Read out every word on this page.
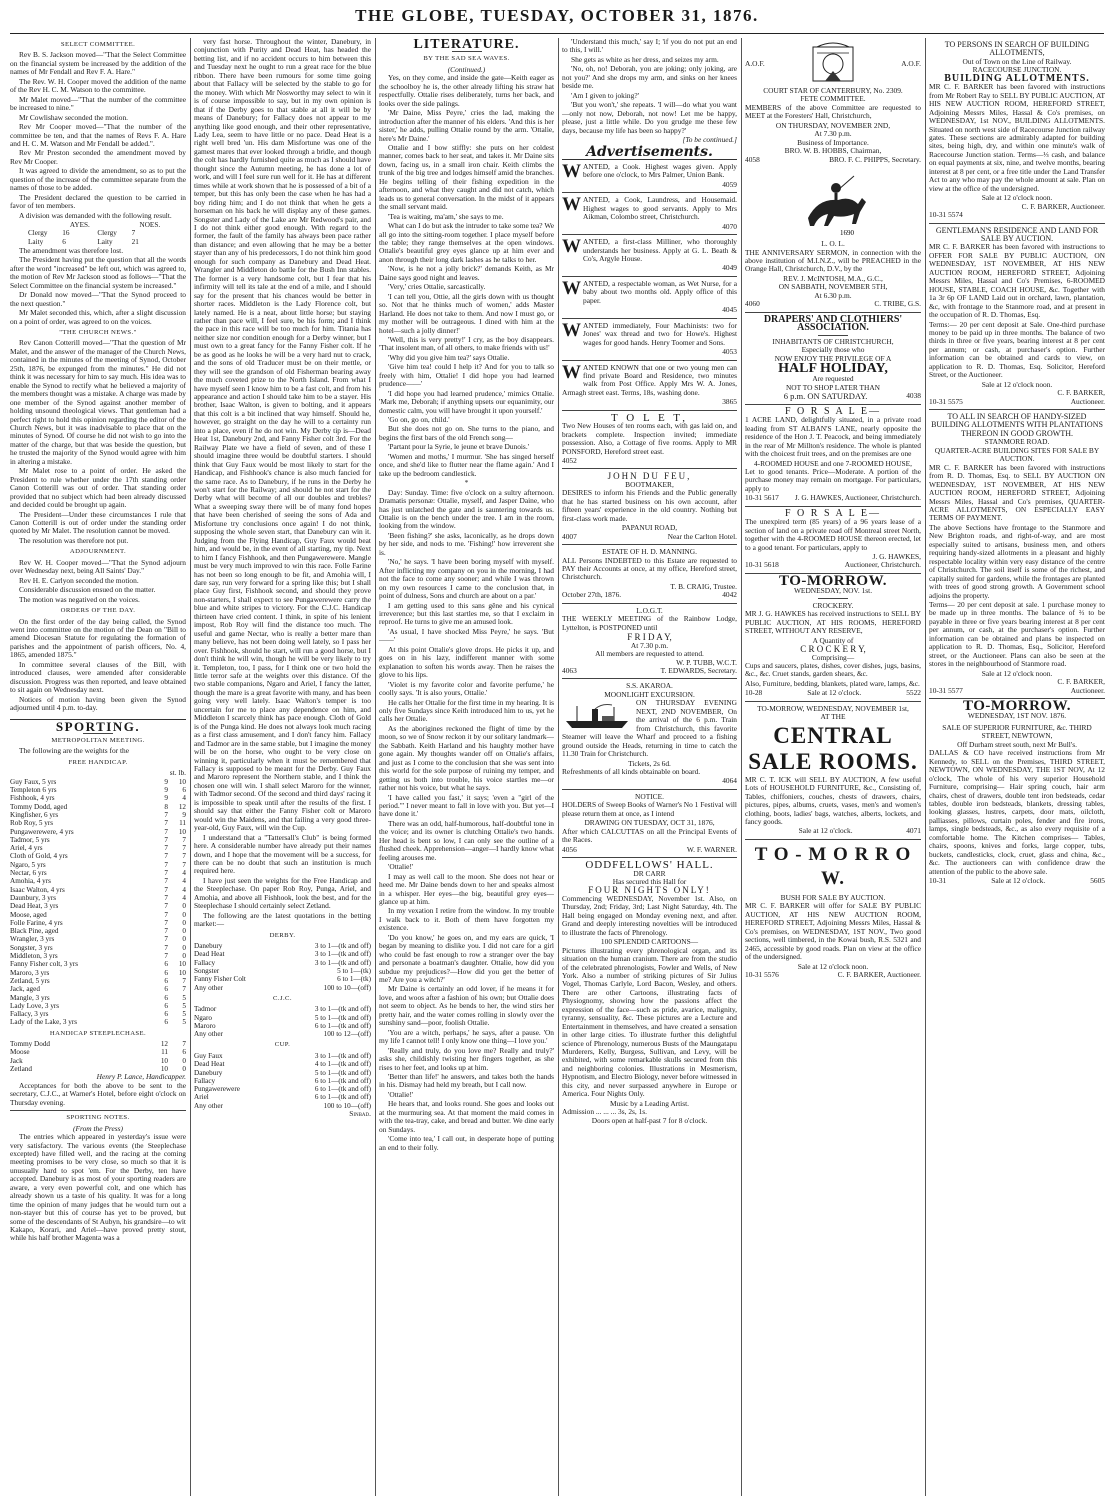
THE GLOBE, TUESDAY, OCTOBER 31, 1876.
SELECT COMMITTEE.

Rev B. S. Jackson moved—"That the Select Committee on the financial system be increased by the addition of the names of Mr Fendall and Rev F. A. Hare."

The Rev. W. H. Cooper moved the addition of the name of the Rev H. C. M. Watson to the committee.

Mr Malet moved—"That the number of the committee be increased to nine."

Mr Cowlishaw seconded the motion.

Rev Mr Cooper moved—"That the number of the committee be ten, and that the names of Revs F. A. Hare and H. C. M. Watson and Mr Fendall be added.".

Rev Mr Preston seconded the amendment moved by Rev Mr Cooper.

It was agreed to divide the amendment, so as to put the question of the increase of the committee separate from the names of those to be added.

The President declared the question to be carried in favor of ten members.

A division was demanded with the following result.

	AYES.		NOES.
Clergy	16	Clergy	7
Laity	6	Laity	21

The amendment was therefore lost.

The President having put the question that all the words after the word "increased" be left out, which was agreed to, the motion of Rev Mr Jackson stood as follows—"That the Select Committee on the financial system be increased."

Dr Donald now moved—"That the Synod proceed to the next question."

Mr Malet seconded this, which, after a slight discussion on a point of order, was agreed to on the voices.

"THE CHURCH NEWS."

Rev Canon Cotterill moved—"That the question of Mr Malet, and the answer of the manager of the Church News, contained in the minutes of the meeting of Synod, October 25th, 1876, be expunged from the minutes." He did not think it was necessary for him to say much. His idea was to enable the Synod to rectify what he believed a majority of the members thought was a mistake. A charge was made by one member of the Synod against another member of holding unsound theological views. That gentleman had a perfect right to hold this opinion regarding the editor of the Church News, but it was inadvisable to place that on the minutes of Synod. Of course he did not wish to go into the matter of the charge, but that was beside the question, but he trusted the majority of the Synod would agree with him in altering a mistake.

Mr Malet rose to a point of order. He asked the President to rule whether under the 17th standing order Canon Cotterill was out of order. That standing order provided that no subject which had been already discussed and decided could be brought up again.

The President—Under these circumstances I rule that Canon Cotterill is out of order under the standing order quoted by Mr Malet. The resolution cannot be moved.

The resolution was therefore not put.

ADJOURNMENT.

Rev W. H. Cooper moved—"That the Synod adjourn over Wednesday next, being All Saints' Day."

Rev H. E. Carlyon seconded the motion.

Considerable discussion ensued on the matter.

The motion was negatived on the voices.

ORDERS OF THE DAY.

On the first order of the day being called, the Synod went into committee on the motion of the Dean on "Bill to amend Diocesan Statute for regulating the formation of parishes and the appointment of parish officers, No. 4, 1865, amended 1875."

In committee several clauses of the Bill, with introduced clauses, were amended after considerable discussion. Progress was then reported, and leave obtained to sit again on Wednesday next.

Notices of motion having been given the Synod adjourned until 4 p.m. to-day.

SPORTING.
METROPOLITAN MEETING.

The following are the weights for the

FREE HANDICAP.
st. lb.
Guy Faux, 5 yrs	9	10
Templeton 6 yrs	9	6
Fishhook, 4 yrs	9	4
Tommy Dodd, aged	8	12
Kingfisher, 6 yrs	7	9
Rob Roy, 5 yrs	7	11
Pungawerewere, 4 yrs	7	10
Tadmor, 5 yrs	7	7
Ariel, 4 yrs	7	7
Cloth of Gold, 4 yrs	7	7
Ngaro, 5 yrs	7	7
Nectar, 6 yrs	7	4
Amohia, 4 yrs	7	4
Isaac Walton, 4 yrs	7	4
Daunbury, 3 yrs	7	4
Dead Heat, 3 yrs	7	0
Moose, aged	7	0
Folle Farine, 4 yrs	7	0
Black Pine, aged	7	0
Wrangler, 3 yrs	7	0
Songster, 3 yrs	7	0
Middleton, 3 yrs	7	0
Fanny Fisher colt, 3 yrs	6	10
Maroro, 3 yrs	6	10
Zetland, 5 yrs	6	7
Jack, aged	6	7
Mangle, 3 yrs	6	5
Lady Love, 3 yrs	6	5
Fallacy, 3 yrs	6	5
Lady of the Lake, 3 yrs	6	5
HANDICAP STEEPLECHASE.
Tommy Dodd	12	7
Moose	11	6
Jack	10	0
Zetland	10	0
Henry P. Lance, Handicapper.

Acceptances for both the above to be sent to the secretary, C.J.C., at Warner's Hotel, before eight o'clock on Thursday evening.

SPORTING NOTES.
(From the Press)

The entries which appeared in yesterday's issue were very satisfactory. The various events (the Steeplechase excepted) have filled well, and the racing at the coming meeting promises to be very close, so much so that it is unusually hard to spot 'em. For the Derby, ten have accepted. Danebury is as most of your sporting readers are aware, a very even powerful colt, and one which has already shown us a taste of his quality. It was for a long time the opinion of many judges that he would turn out a non-stayer but this of course has yet to be proved, but some of the descendants of St Aubyn, his grandsire—to wit Kakapo, Korari, and Ariel—have proved pretty stout, while his half brother Magenta was a

very fast horse. Throughout the winter, Danebury, in conjunction with Purity and Dead Heat, has headed the betting list, and if no accident occurs to him between this and Tuesday next he ought to run a great race for the blue ribbon. There have been rumours for some time going about that Fallacy will be selected by the stable to go for the money. With which Mr Nosworthy may select to win it is of course impossible to say, but in my own opinion is that if the Derby goes to that stable at all it will be by means of Danebury; for Fallacy does not appear to me anything like good enough, and their other representative, Lady Lea, seem to have little or no pace. Dead Heat is a right well bred 'un. His dam Misfortune was one of the gamest mares that ever looked through a bridle, and though the colt has hardly furnished quite as much as I should have thought since the Autumn meeting, he has done a lot of work, and will I feel sure run well for it. He has at different times while at work shown that he is possessed of a bit of a temper, but this has only been the case when he has had a boy riding him; and I do not think that when he gets a horseman on his back he will display any of these games. Songster and Lady of the Lake are Mr Redwood's pair, and I do not think either good enough. With regard to the former, the fault of the family has always been pace rather than distance; and even allowing that he may be a better stayer than any of his predecessors, I do not think him good enough for such company as Danebury and Dead Heat. Wrangler and Middleton do battle for the Bush Inn stables. The former is a very handsome colt, but I fear that his infirmity will tell its tale at the end of a mile, and I should say for the present that his chances would be better in shorter races. Middleton is the Lady Florence colt, but lately named. He is a neat, about little horse; but staying rather than pace will, I feel sure, be his form; and I think the pace in this race will be too much for him. Titania has neither size nor condition enough for a Derby winner, but I must own to a great fancy for the Fanny Fisher colt. If he be as good as he looks he will be a very hard nut to crack, and the sons of old Traducer must be on their mettle, or they will see the grandson of old Fisherman bearing away the much coveted prize to the North Island. From what I have myself seen I know him to be a fast colt, and from his appearance and action I should take him to be a stayer. His brother, Isaac Walton, is given to bolting, and it appears that this colt is a bit inclined that way himself. Should he, however, go straight on the day he will to a certainty run into a place, even if he do not win. My Derby tip is—Dead Heat 1st, Danebury 2nd, and Fanny Fisher colt 3rd. For the Railway Plate we have a field of seven, and of these I should imagine three would be doubtful starters. I should think that Guy Faux would be most likely to start for the Handicap, and Fishhook's chance is also much fancied for the same race. As to Danebury, if he runs in the Derby he won't start for the Railway; and should he not start for the Derby what will become of all our doubles and trebles? What a sweeping sway there will be of many fond hopes that have been cherished of seeing the sons of Ada and Misfortune try conclusions once again! I do not think, supposing the whole seven start, that Danebury can win it. Judging from the Flying Handicap, Guy Faux would beat him, and would be, in the event of all starting, my tip. Next to him I fancy Fishhook, and then Pungawerewere. Mangle must be very much improved to win this race. Folle Farine has not been so long enough to be fit, and Amohia will, I dare say, run very forward for a spring like this; but I shall place Guy first, Fishhook second, and should they prove non-starters, I shall expect to see Pungawerewere carry the blue and white stripes to victory. For the C.J.C. Handicap thirteen have cried content. I think, in spite of his lenient impost, Rob Roy will find the distance too much. The useful and game Nectar, who is really a better mare than many believe, has not been doing well lately, so I pass her over. Fishhook, should he start, will run a good horse, but I don't think he will win, though he will be very likely to try it. Templeton, too, I pass, for I think one or two hold the little terror safe at the weights over this distance. Of the two stable companions, Ngaro and Ariel, I fancy the latter, though the mare is a great favorite with many, and has been going very well lately. Isaac Walton's temper is too uncertain for me to place any dependence on him, and Middleton I scarcely think has pace enough. Cloth of Gold is of the Punga kind. He does not always look much racing as a first class amusement, and I don't fancy him. Fallacy and Tadmor are in the same stable, but I imagine the money will be on the horse, who ought to be very close on winning it, particularly when it must be remembered that Fallacy is supposed to be meant for the Derby. Guy Faux and Maroro represent the Northern stable, and I think the chosen one will win. I shall select Maroro for the winner, with Tadmor second. Of the second and third days' racing it is impossible to speak until after the results of the first. I should say that either the Fanny Fisher colt or Maroro would win the Maidens, and that failing a very good three-year-old, Guy Faux, will win the Cup.

I understand that a "Tattersall's Club" is being formed here. A considerable number have already put their names down, and I hope that the movement will be a success, for there can be no doubt that such an institution is much required here.

I have just seen the weights for the Free Handicap and the Steeplechase. On paper Rob Roy, Punga, Ariel, and Amohia, and above all Fishhook, look the best, and for the Steeplechase I should certainly select Zetland.

The following are the latest quotations in the betting market:—

DERBY.
Danebury	3 to 1—(tk and off)
Dead Heat	3 to 1—(tk and off)
Fallacy	3 to 1—(tk and off)
Songster	5 to 1—(tk)
Fanny Fisher Colt	6 to 1—(tk)
Any other	100 to 10—(off)
C.J.C.
Tadmor	3 to 1—(tk and off)
Ngaro	5 to 1—(tk and off)
Maroro	6 to 1—(tk and off)
Any other	100 to 12—(off)
CUP.
Guy Faux	3 to 1—(tk and off)
Dead Heat	4 to 1—(tk and off)
Danebury	5 to 1—(tk and off)
Fallacy	6 to 1—(tk and off)
Pungawerewere	6 to 1—(tk and off)
Ariel	6 to 1—(tk and off)
Any other	100 to 10—(off)
Sinbad.
LITERATURE.
BY THE SAD SEA WAVES.
(Continued.)

Yes, on they come, and inside the gate—Keith eager as the schoolboy he is, the other already lifting his straw hat respectfully. Ottalie rises deliberately, turns her back, and looks over the side palings.

'Mr Daine, Miss Peyre,' cries the lad, making the introduction after the manner of his elders. 'And this is her sister,' he adds, pulling Ottalie round by the arm. 'Ottalie, here's Mr Daine.'

Ottalie and I bow stiffly: she puts on her coldest manner, comes back to her seat, and takes it. Mr Daine sits down, facing us, in a small iron chair. Keith climbs the trunk of the big tree and lodges himself amid the branches. He begins telling of their fishing expedition in the afternoon, and what they caught and did not catch, which leads us to general conversation. In the midst of it appears the small servant maid.

'Tea is waiting, ma'am,' she says to me.

What can I do but ask the intruder to take some tea? We all go into the sitting-room together. I place myself before the table; they range themselves at the open windows. Ottalie's beautiful grey eyes glance up at him ever and anon through their long dark lashes as he talks to her.

'Now, is he not a jolly brick?' demands Keith, as Mr Daine says good night and leaves.

'Very,' cries Ottalie, sarcastically.

'I can tell you, Ottie, all the girls down with us thought so. Not that he thinks much of women,' adds Master Harland. He does not take to them. And now I must go, or my mother will be outrageous. I dined with him at the hotel—such a jolly dinner!'

'Well, this is very pretty!' I cry, as the boy disappears. 'That insolent man, of all others, to make friends with us!'

'Why did you give him tea?' says Ottalie.

'Give him tea! could I help it? And for you to talk so freely with him, Ottalie! I did hope you had learned prudence——'

'I did hope you had learned prudence,' mimics Ottalie. 'Mark me, Deborah; if anything upsets our equanimity, our domestic calm, you will have brought it upon yourself.'

'Go on, go on, child.'

But she does not go on. She turns to the piano, and begins the first bars of the old French song—

'Partant pour la Syrie, le jeune et brave Dunois.'

'Women and moths,' I murmur. 'She has singed herself once, and she'd like to flutter near the flame again.' And I take up the bedroom candlestick.

*

Day: Sunday. Time: five o'clock on a sultry afternoon. Dramatis personæ: Ottalie, myself, and Jasper Daine, who has just unlatched the gate and is sauntering towards us. Ottalie is on the bench under the tree. I am in the room, looking from the window.

'Been fishing?' she asks, laconically, as he drops down by her side, and nods to me. 'Fishing!' how irreverent she is.

'No,' he says. 'I have been boring myself with myself. After inflicting my company on you in the morning, I had not the face to come any sooner; and while I was thrown on my own resources I came to the conclusion that, in point of dulness, Sons and church are about on a par.'

I am getting used to this sans gêne and his cynical irreverence; but this last startles me, so that I exclaim in reproof. He turns to give me an amused look.

'As usual, I have shocked Miss Peyre,' he says. 'But——'

At this point Ottalie's glove drops. He picks it up, and goes on in his lazy, indifferent manner with some explanation to soften his words away. Then he raises the glove to his lips.

'Violet is my favorite color and favorite perfume,' he coolly says. 'It is also yours, Ottalie.'

He calls her Ottalie for the first time in my hearing. It is only five Sundays since Keith introduced him to us, yet he calls her Ottalie.

As the aborigines reckoned the flight of time by the moon, so we of Snow reckon it by our solitary landmark—the Sabbath. Keith Harland and his haughty mother have gone again. My thoughts wander off on Ottalie's affairs, and just as I come to the conclusion that she was sent into this world for the sole purpose of ruining my temper, and getting us both into trouble, his voice startles me—or rather not his voice, but what he says.

'I have called you fast,' it says; 'even a "girl of the period."' I never meant to fall in love with you. But yet—I have done it.'

There was an odd, half-humorous, half-doubtful tone in the voice; and its owner is clutching Ottalie's two hands. Her head is bent so low, I can only see the outline of a flushed cheek. Apprehension—anger—I hardly know what feeling arouses me.

'Ottalie!'

I may as well call to the moon. She does not hear or heed me. Mr Daine bends down to her and speaks almost in a whisper. Her eyes—the big, beautiful grey eyes—glance up at him.

In my vexation I retire from the window. In my trouble I walk back to it. Both of them have forgotten my existence.

'Do you know,' he goes on, and my ears are quick, 'I began by meaning to dislike you. I did not care for a girl who could be fast enough to row a stranger over the bay and personate a boatman's daughter. Ottalie, how did you subdue my prejudices?—How did you get the better of me? Are you a witch?'

Mr Daine is certainly an odd lover, if he means it for love, and woos after a fashion of his own; but Ottalie does not seem to object. As he bends to her, the wind stirs her pretty hair, and the water comes rolling in slowly over the sunshiny sand—poor, foolish Ottalie.

'You are a witch, perhaps,' he says, after a pause. 'On my life I cannot tell! I only know one thing—I love you.'

'Really and truly, do you love me? Really and truly?' asks she, childishly twisting her fingers together, as she rises to her feet, and looks up at him.

'Better than life!' he answers, and takes both the hands in his. Dismay had held my breath, but I call now.

'Ottalie!'

He hears that, and looks round. She goes and looks out at the murmuring sea. At that moment the maid comes in with the tea-tray, cake, and bread and butter. We dine early on Sundays.

'Come into tea,' I call out, in desperate hope of putting an end to their folly.

'Understand this much,' say I; 'if you do not put an end to this, I will.'

She gets as white as her dress, and seizes my arm.

'No, oh, no! Deborah, you are joking; only joking, are not you?' And she drops my arm, and sinks on her knees beside me.

'Am I given to joking?'

'But you won't,' she repeats. 'I will—do what you want—only not now, Deborah, not now! Let me be happy, please, just a little while. Do you grudge me these few days, because my life has been so happy?'

[To be continued.]
Advertisements.

WANTED, a Cook. Highest wages given. Apply before one o'clock, to Mrs Palmer, Union Bank.

4059

WANTED, a Cook, Laundress, and Housemaid. Highest wages to good servants. Apply to Mrs Aikman, Colombo street, Christchurch.

4070

WANTED, a first-class Milliner, who thoroughly understands her business. Apply at G. L. Beath & Co's, Argyle House.

4049

WANTED, a respectable woman, as Wet Nurse, for a baby about two months old. Apply office of this paper.

4045

WANTED immediately, Four Machinists: two for Jones' wax thread and two for Howe's. Highest wages for good hands. Henry Toomer and Sons.

4053

WANTED KNOWN that one or two young men can find private Board and Residence, two minutes walk from Post Office. Apply Mrs W. A. Jones, Armagh street east. Terms, 18s, washing done.

3865
T O L E T,

Two New Houses of ten rooms each, with gas laid on, and brackets complete. Inspection invited; immediate possession. Also, a Cottage of five rooms. Apply to MR PONSFORD, Hereford street east.

4052
JOHN DU FEU,
BOOTMAKER,

DESIRES to inform his Friends and the Public generally that he has started business on his own account, after fifteen years' experience in the old country. Nothing but first-class work made.

PAPANUI ROAD,
4007	Near the Carlton Hotel.
ESTATE OF H. D. MANNING.

ALL Persons INDEBTED to this Estate are requested to PAY their Accounts at once, at my office, Hereford street, Christchurch.

T. B. CRAIG, Trustee.
October 27th, 1876.	4042
L.O.G.T.

THE WEEKLY MEETING of the Rainbow Lodge, Lyttelton, is POSTPONED until

F R I D A Y,
At 7.30 p.m.
All members are requested to attend.
W. P. TUBB, W.C.T.
4063	T. EDWARDS, Secretary.
S.S. AKAROA.
MOONLIGHT EXCURSION.

ON THURSDAY EVENING NEXT, 2ND NOVEMBER, On the arrival of the 6 p.m. Train from Christchurch, this favorite Steamer will leave the Wharf and proceed to a fishing ground outside the Heads, returning in time to catch the 11.30 Train for Christchurch.

Tickets, 2s 6d.

Refreshments of all kinds obtainable on board.

4064
NOTICE.

HOLDERS of Sweep Books of Warner's No 1 Festival will please return them at once, as I intend

DRAWING ON TUESDAY, OCT 31, 1876,

After which CALCUTTAS on all the Principal Events of the Races.

4056	W. F. WARNER.
ODDFELLOWS' HALL.
DR CARR
Has secured this Hall for
FOUR NIGHTS ONLY!

Commencing WEDNESDAY, November 1st. Also, on Thursday, 2nd; Friday, 3rd; Last Night Saturday, 4th. The Hall being engaged on Monday evening next, and after. Grand and deeply interesting novelties will be introduced to illustrate the facts of Phrenology.

100 SPLENDID CARTOONS—

Pictures illustrating every phrenological organ, and its situation on the human cranium. There are from the studio of the celebrated phrenologists, Fowler and Wells, of New York. Also a number of striking pictures of Sir Julius Vogel, Thomas Carlyle, Lord Bacon, Wesley, and others. There are other Cartoons, illustrating facts of Physiognomy, showing how the passions affect the expression of the face—such as pride, avarice, malignity, tyranny, sensuality, &c. These pictures are a Lecture and Entertainment in themselves, and have created a sensation in other large cities. To illustrate further this delightful science of Phrenology, numerous Busts of the Maungatapu Murderers, Kelly, Burgess, Sullivan, and Levy, will be exhibited, with some remarkable skulls secured from this and neighboring colonies. Illustrations in Mesmerism, Hypnotism, and Electro Biology, never before witnessed in this city, and never surpassed anywhere in Europe or America. Four Nights Only.

Music by a Leading Artist.
Admission ... ... ... 3s, 2s, 1s.
Doors open at half-past 7 for 8 o'clock.
A.O.F.	A.O.F.
COURT STAR OF CANTERBURY, No. 2309.
FETE COMMITTEE.

MEMBERS of the above Committee are requested to MEET at the Foresters' Hall, Christchurch,

ON THURSDAY, NOVEMBER 2ND,
At 7.30 p.m.
Business of Importance.
BRO. W. B. HOBBS, Chairman,
4058	BRO. F. C. PHIPPS, Secretary.
1690
L. O. L.

THE ANNIVERSARY SERMON, in connection with the above institution of M.I.N.Z., will be PREACHED in the Orange Hall, Christchurch, D.V., by the

REV. J. McINTOSH, M.A., G.C.,
ON SABBATH, NOVEMBER 5TH,
At 6.30 p.m.
4060	C. TRIBE, G.S.
DRAPERS' AND CLOTHIERS' ASSOCIATION.
INHABITANTS OF CHRISTCHURCH,
Especially those who
NOW ENJOY THE PRIVILEGE OF A
HALF HOLIDAY,
Are requested
NOT TO SHOP LATER THAN
6 p.m. ON SATURDAY.	4038
F O R S A L E—

1 ACRE LAND, delightfully situated, in a private road leading from ST ALBAN'S LANE, nearly opposite the residence of the Hon J. T. Peacock, and being immediately in the rear of Mr Millton's residence. The whole is planted with the choicest fruit trees, and on the premises are one

4-ROOMED HOUSE and one 7-ROOMED HOUSE,

Let to good tenants. Price—Moderate. A portion of the purchase money may remain on mortgage. For particulars, apply to

10-31 5617 J. G. HAWKES, Auctioneer, Christchurch.
F O R S A L E—

The unexpired term (85 years) of a 96 years lease of a section of land on a private road off Montreal street North, together with the 4-ROOMED HOUSE thereon erected, let to a good tenant. For particulars, apply to

J. G. HAWKES,
10-31 5618	Auctioneer, Christchurch.
TO-MORROW.
WEDNESDAY, NOV. 1st.
CROCKERY.

MR J. G. HAWKES has received instructions to SELL BY PUBLIC AUCTION, AT HIS ROOMS, HEREFORD STREET, WITHOUT ANY RESERVE,

A Quantity of
C R O C K E R Y,
Comprising—

Cups and saucers, plates, dishes, cover dishes, jugs, basins, &c., &c. Cruet stands, garden shears, &c.

Also, Furniture, bedding, blankets, plated ware, lamps, &c.

10-28	Sale at 12 o'clock.	5522
TO-MORROW, WEDNESDAY, NOVEMBER 1st,
AT THE
CENTRAL
SALE ROOMS.

MR C. T. ICK will SELL BY AUCTION, A few useful Lots of HOUSEHOLD FURNITURE, &c., Consisting of, Tables, chiffoniers, couches, chests of drawers, chairs, pictures, pipes, albums, cruets, vases, men's and women's clothing, boots, ladies' bags, watches, alberts, lockets, and fancy goods.

Sale at 12 o'clock.	4071
T O - M O R R O W.
BUSH FOR SALE BY AUCTION.

MR C. F. BARKER will offer for SALE BY PUBLIC AUCTION, AT HIS NEW AUCTION ROOM, HEREFORD STREET, Adjoining Messrs Miles, Hassal & Co's premises, on WEDNESDAY, 1ST NOV., Two good sections, well timbered, in the Kowai bush, R.S. 5321 and 2465, accessible by good roads. Plan on view at the office of the undersigned.

Sale at 12 o'clock noon.
10-31 5576	C. F. BARKER, Auctioneer.
TO PERSONS IN SEARCH OF BUILDING ALLOTMENTS,
Out of Town on the Line of Railway.
RACECOURSE JUNCTION.
BUILDING ALLOTMENTS.

MR C. F. BARKER has been favored with instructions from Mr Robert Ray to SELL BY PUBLIC AUCTION, AT HIS NEW AUCTION ROOM, HEREFORD STREET, Adjoining Messrs Miles, Hassal & Co's premises, on WEDNESDAY, 1st NOV., BUILDING ALLOTMENTS. Situated on north west side of Racecourse Junction railway gates. These sections are admirably adapted for building sites, being high, dry, and within one minute's walk of Racecourse Junction station. Terms—⅓ cash, and balance on equal payments at six, nine, and twelve months, bearing interest at 8 per cent, or a free title under the Land Transfer Act to any who may pay the whole amount at sale. Plan on view at the office of the undersigned.

Sale at 12 o'clock noon.
C. F. BARKER, Auctioneer.
10-31 5574
GENTLEMAN'S RESIDENCE AND LAND FOR SALE BY AUCTION.

MR C. F. BARKER has been favored with instructions to OFFER FOR SALE BY PUBLIC AUCTION, ON WEDNESDAY, 1ST NOVEMBER, AT HIS NEW AUCTION ROOM, HEREFORD STREET, Adjoining Messrs Miles, Hassal and Co's Premises, 6-ROOMED HOUSE, STABLE, COACH HOUSE, &c. Together with 1a 3r 6p OF LAND Laid out in orchard, lawn, plantation, &c, with frontage to the Stanmore road, and at present in the occupation of R. D. Thomas, Esq.

Terms:— 20 per cent deposit at Sale. One-third purchase money to be paid up in three months. The balance of two thirds in three or five years, bearing interest at 8 per cent per annum; or cash, at purchaser's option. Further information can be obtained and cards to view, on application to R. D. Thomas, Esq. Solicitor, Hereford Street, or the Auctioneer.

Sale at 12 o'clock noon.
C. F. BARKER,
10-31 5575	Auctioneer.
TO ALL IN SEARCH OF HANDY-SIZED BUILDING ALLOTMENTS WITH PLANTATIONS THEREON IN GOOD GROWTH.
STANMORE ROAD.
QUARTER-ACRE BUILDING SITES FOR SALE BY AUCTION.

MR C. F. BARKER has been favored with instructions from R. D. Thomas, Esq. to SELL BY AUCTION ON WEDNESDAY, 1ST NOVEMBER, AT HIS NEW AUCTION ROOM, HEREFORD STREET, Adjoining Messrs Miles, Hassal and Co's premises, QUARTER-ACRE ALLOTMENTS, ON ESPECIALLY EASY TERMS OF PAYMENT.

The above Sections have frontage to the Stanmore and New Brighton roads, and right-of-way, and are most especially suited to artisans, business men, and others requiring handy-sized allotments in a pleasant and highly respectable locality within very easy distance of the centre of Christchurch. The soil itself is some of the richest, and capitally suited for gardens, while the frontages are planted with trees of good strong growth. A Government school adjoins the property.

Terms— 20 per cent deposit at sale. 1 purchase money to be made up in three months. The balance of ⅔ to be payable in three or five years bearing interest at 8 per cent per annum, or cash, at the purchaser's option. Further information can be obtained and plans be inspected on application to R. D. Thomas, Esq., Solicitor, Hereford street, or the Auctioneer. Plans can also be seen at the stores in the neighbourhood of Stanmore road.

Sale at 12 o'clock noon.
C. F. BARKER,
10-31 5577	Auctioneer.
TO-MORROW.
WEDNESDAY, 1ST NOV. 1876.
SALE OF SUPERIOR FURNITURE, &c. THIRD STREET, NEWTOWN,
Off Durham street south, next Mr Bull's.

DALLAS & CO have received instructions from Mr Kennedy, to SELL on the Premises, THIRD STREET, NEWTOWN, ON WEDNESDAY, THE 1ST NOV, At 12 o'clock, The whole of his very superior Household Furniture, comprising— Hair spring couch, hair arm chairs, chest of drawers, double tent iron bedsteads, cedar tables, double iron bedsteads, blankets, dressing tables, looking glasses, lustres, carpets, door mats, oilcloth, palliasses, pillows, curtain poles, fender and fire irons, lamps, single bedsteads, &c., as also every requisite of a comfortable home. The Kitchen comprises— Tables, chairs, spoons, knives and forks, large copper, tubs, buckets, candlesticks, clock, cruet, glass and china, &c., &c. The auctioneers can with confidence draw the attention of the public to the above sale.

10-31	Sale at 12 o'clock.	5605
